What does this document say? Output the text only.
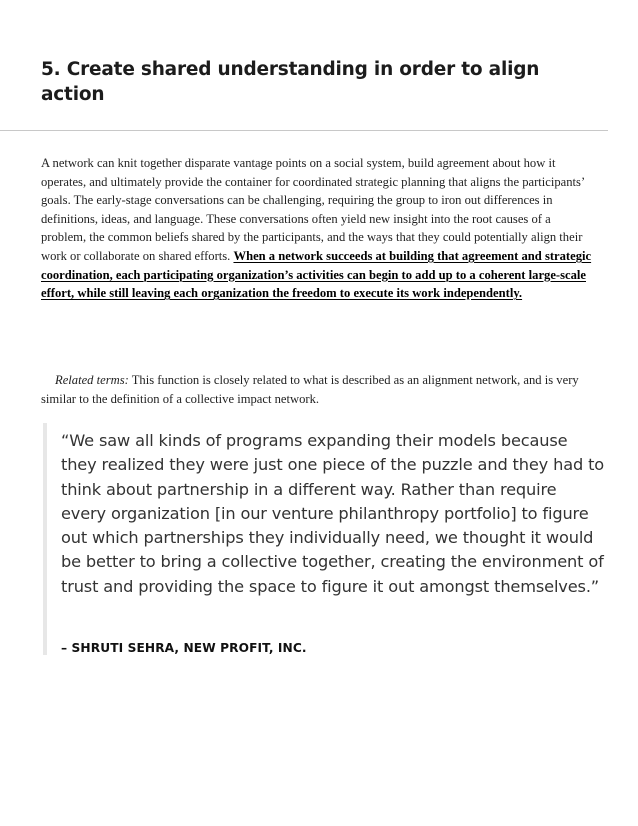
5. Create shared understanding in order to align action

A network can knit together disparate vantage points on a social system, build agreement about how it operates, and ultimately provide the container for coordinated strategic planning that aligns the participants’ goals. The early-stage conversations can be challenging, requiring the group to iron out differences in definitions, ideas, and language. These conversations often yield new insight into the root causes of a problem, the common beliefs shared by the participants, and the ways that they could potentially align their work or collaborate on shared efforts. When a network succeeds at building that agreement and strategic coordination, each participating organization’s activities can begin to add up to a coherent large-scale effort, while still leaving each organization the freedom to execute its work independently.

Related terms: This function is closely related to what is described as an alignment network, and is very similar to the definition of a collective impact network.

“We saw all kinds of programs expanding their models because they realized they were just one piece of the puzzle and they had to think about partnership in a different way. Rather than require every organization [in our venture philanthropy portfolio] to figure out which partnerships they individually need, we thought it would be better to bring a collective together, creating the environment of trust and providing the space to figure it out amongst themselves.”

– SHRUTI SEHRA, NEW PROFIT, INC.
